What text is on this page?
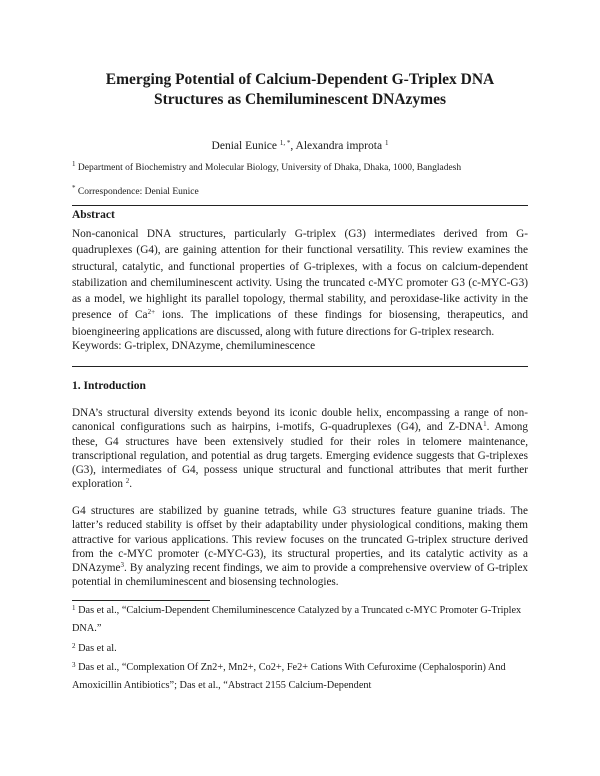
Emerging Potential of Calcium-Dependent G-Triplex DNA
Structures as Chemiluminescent DNAzymes
Denial Eunice $^{1, *}$, Alexandra improta $^1$
$^1$ Department of Biochemistry and Molecular Biology, University of Dhaka, Dhaka, 1000, Bangladesh
* Correspondence: Denial Eunice
Abstract

Non-canonical DNA structures, particularly G-triplex (G3) intermediates derived from G-quadruplexes (G4), are gaining attention for their functional versatility. This review examines the structural, catalytic, and functional properties of G-triplexes, with a focus on calcium-dependent stabilization and chemiluminescent activity. Using the truncated c-MYC promoter G3 (c-MYC-G3) as a model, we highlight its parallel topology, thermal stability, and peroxidase-like activity in the presence of $Ca^{2+}$ ions. The implications of these findings for biosensing, therapeutics, and bioengineering applications are discussed, along with future directions for G-triplex research.

Keywords: G-triplex, DNAzyme, chemiluminescence
1. Introduction

DNA’s structural diversity extends beyond its iconic double helix, encompassing a range of non-canonical configurations such as hairpins, i-motifs, G-quadruplexes (G4), and Z-DNA$^1$. Among these, G4 structures have been extensively studied for their roles in telomere maintenance, transcriptional regulation, and potential as drug targets. Emerging evidence suggests that G-triplexes (G3), intermediates of G4, possess unique structural and functional attributes that merit further exploration $^2$.

G4 structures are stabilized by guanine tetrads, while G3 structures feature guanine triads. The latter’s reduced stability is offset by their adaptability under physiological conditions, making them attractive for various applications. This review focuses on the truncated G-triplex structure derived from the c-MYC promoter (c-MYC-G3), its structural properties, and its catalytic activity as a DNAzyme$^3$. By analyzing recent findings, we aim to provide a comprehensive overview of G-triplex potential in chemiluminescent and biosensing technologies.

$^1$ Das et al., “Calcium-Dependent Chemiluminescence Catalyzed by a Truncated c-MYC Promoter G-Triplex DNA.”

$^2$ Das et al.

$^3$ Das et al., “Complexation Of Zn2+, Mn2+, Co2+, Fe2+ Cations With Cefuroxime (Cephalosporin) And Amoxicillin Antibiotics”; Das et al., “Abstract 2155 Calcium-Dependent
